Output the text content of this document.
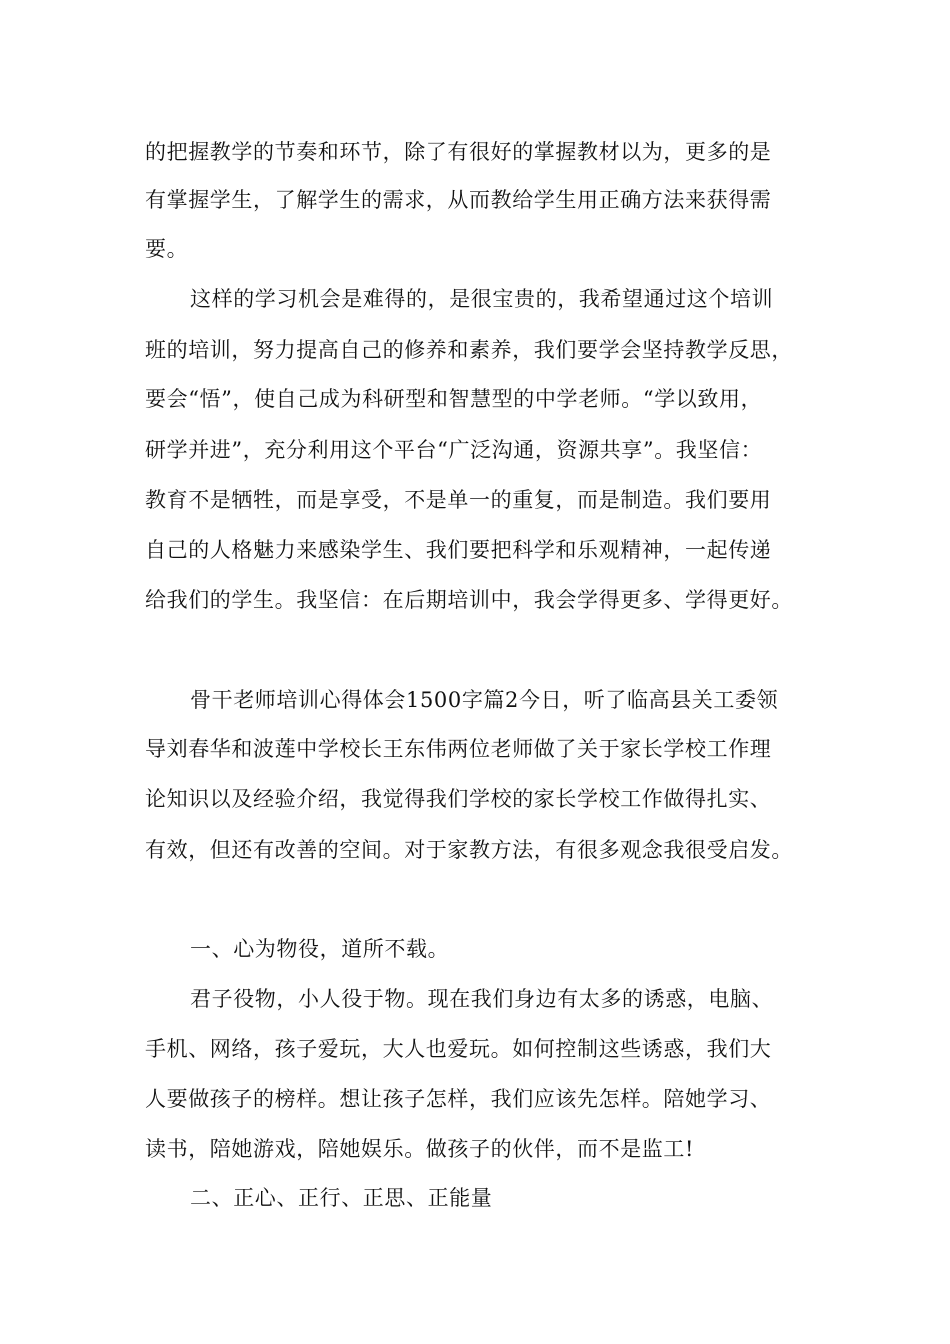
的把握教学的节奏和环节，除了有很好的掌握教材以为，更多的是
有掌握学生，了解学生的需求，从而教给学生用正确方法来获得需
要。
这样的学习机会是难得的，是很宝贵的，我希望通过这个培训
班的培训，努力提高自己的修养和素养，我们要学会坚持教学反思，
要会“悟”，使自己成为科研型和智慧型的中学老师。“学以致用，
研学并进”，充分利用这个平台“广泛沟通，资源共享”。我坚信：
教育不是牺牲，而是享受，不是单一的重复，而是制造。我们要用
自己的人格魅力来感染学生、我们要把科学和乐观精神，一起传递
给我们的学生。我坚信：在后期培训中，我会学得更多、学得更好。
骨干老师培训心得体会1500字篇2今日，听了临高县关工委领
导刘春华和波莲中学校长王东伟两位老师做了关于家长学校工作理
论知识以及经验介绍，我觉得我们学校的家长学校工作做得扎实、
有效，但还有改善的空间。对于家教方法，有很多观念我很受启发。
一、心为物役，道所不载。
君子役物，小人役于物。现在我们身边有太多的诱惑，电脑、
手机、网络，孩子爱玩，大人也爱玩。如何控制这些诱惑，我们大
人要做孩子的榜样。想让孩子怎样，我们应该先怎样。陪她学习、
读书，陪她游戏，陪她娱乐。做孩子的伙伴，而不是监工!
二、正心、正行、正思、正能量
